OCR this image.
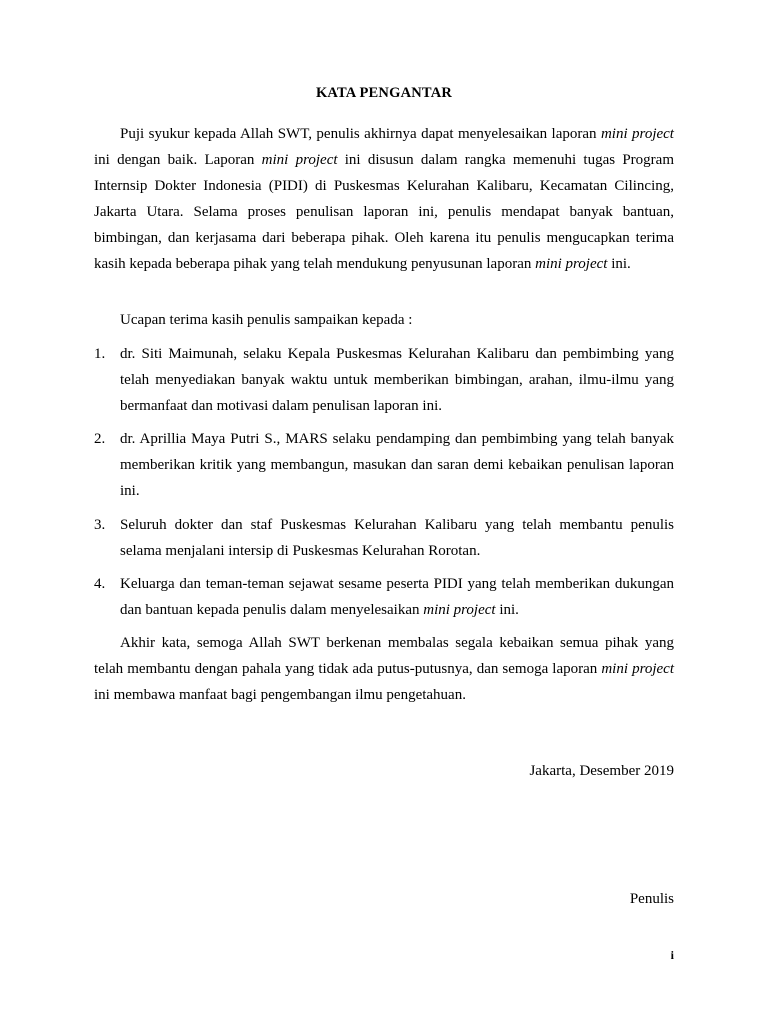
KATA PENGANTAR

Puji syukur kepada Allah SWT, penulis akhirnya dapat menyelesaikan laporan mini project ini dengan baik. Laporan mini project ini disusun dalam rangka memenuhi tugas Program Internsip Dokter Indonesia (PIDI) di Puskesmas Kelurahan Kalibaru, Kecamatan Cilincing, Jakarta Utara. Selama proses penulisan laporan ini, penulis mendapat banyak bantuan, bimbingan, dan kerjasama dari beberapa pihak. Oleh karena itu penulis mengucapkan terima kasih kepada beberapa pihak yang telah mendukung penyusunan laporan mini project ini.

Ucapan terima kasih penulis sampaikan kepada :

1. dr. Siti Maimunah, selaku Kepala Puskesmas Kelurahan Kalibaru dan pembimbing yang telah menyediakan banyak waktu untuk memberikan bimbingan, arahan, ilmu-ilmu yang bermanfaat dan motivasi dalam penulisan laporan ini.
2. dr. Aprillia Maya Putri S., MARS selaku pendamping dan pembimbing yang telah banyak memberikan kritik yang membangun, masukan dan saran demi kebaikan penulisan laporan ini.
3. Seluruh dokter dan staf Puskesmas Kelurahan Kalibaru yang telah membantu penulis selama menjalani intersip di Puskesmas Kelurahan Rorotan.
4. Keluarga dan teman-teman sejawat sesame peserta PIDI yang telah memberikan dukungan dan bantuan kepada penulis dalam menyelesaikan mini project ini.

Akhir kata, semoga Allah SWT berkenan membalas segala kebaikan semua pihak yang telah membantu dengan pahala yang tidak ada putus-putusnya, dan semoga laporan mini project ini membawa manfaat bagi pengembangan ilmu pengetahuan.

Jakarta, Desember 2019
Penulis
i
